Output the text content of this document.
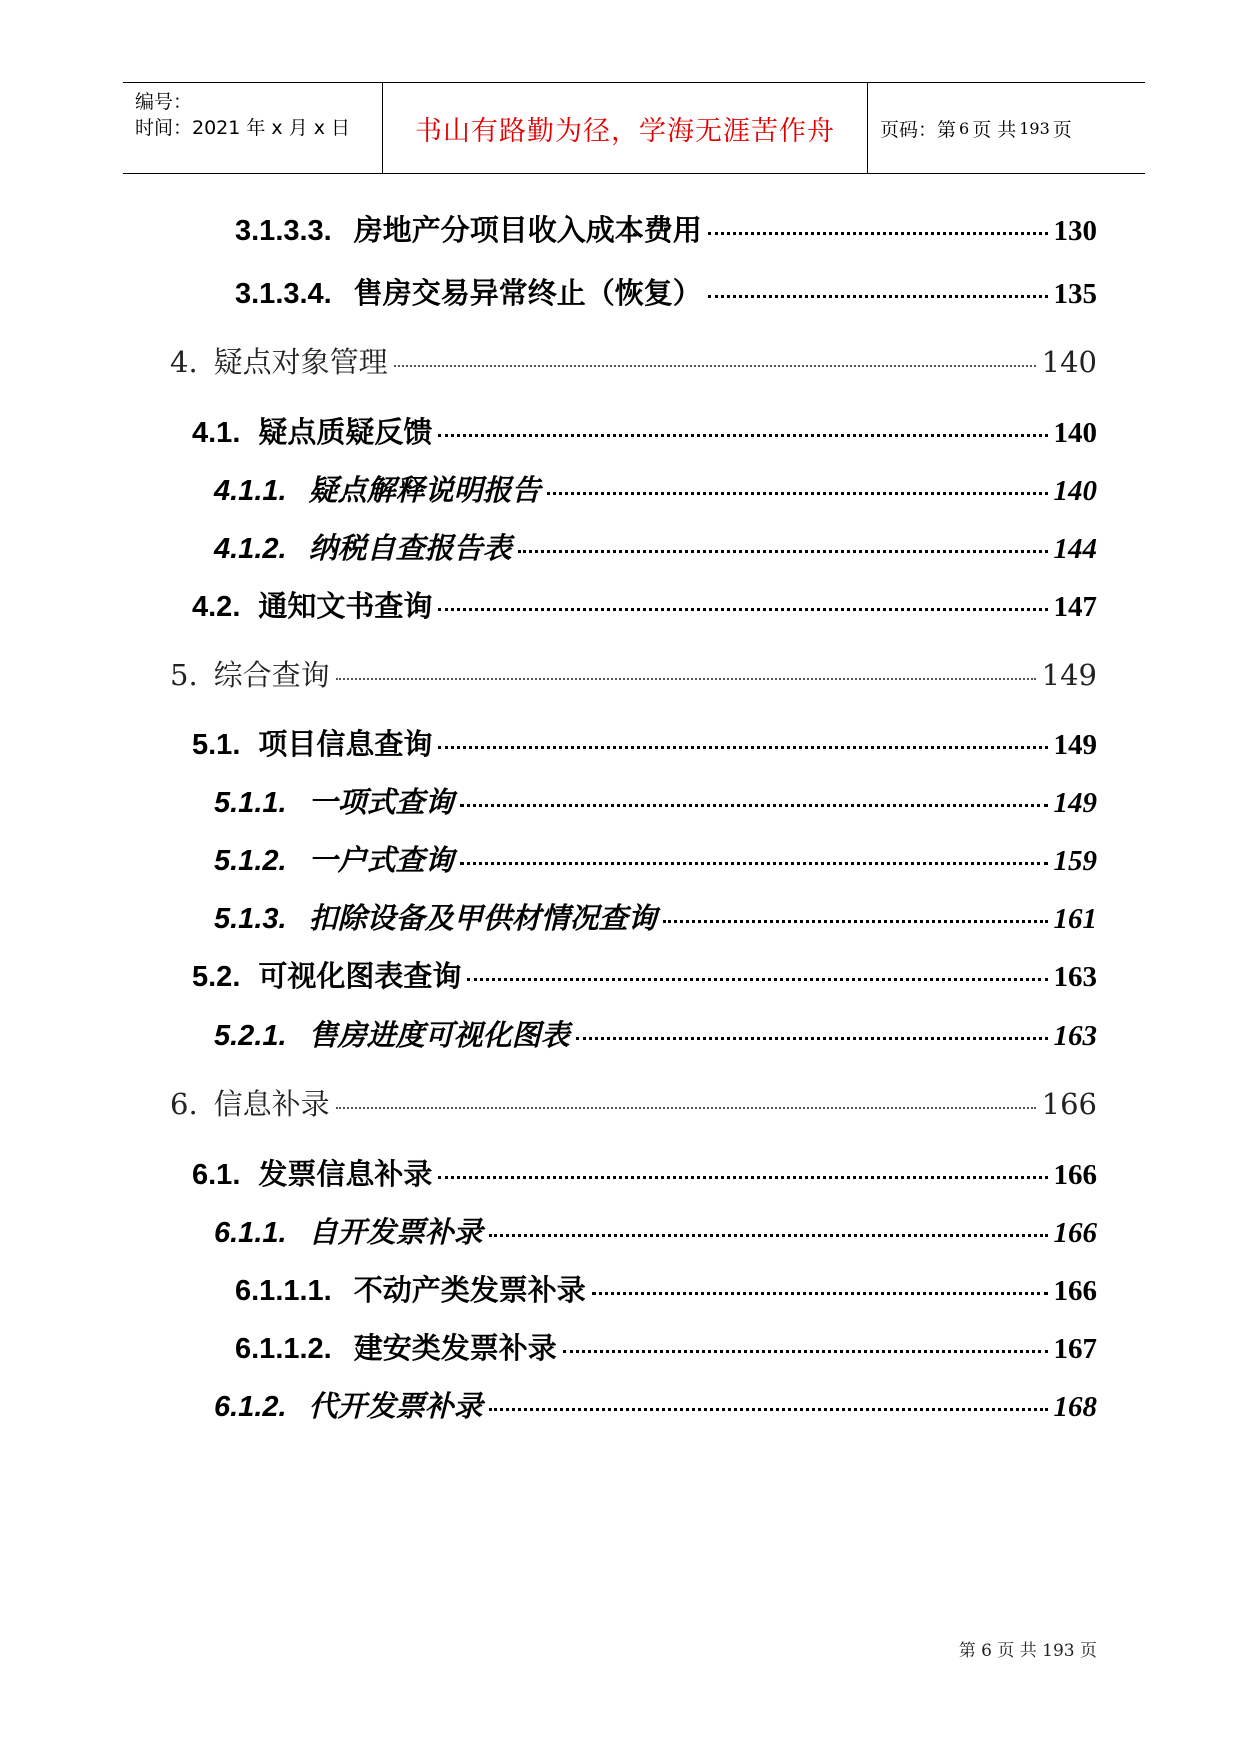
编号：
时间：2021 年 x 月 x 日	书山有路勤为径，学海无涯苦作舟	页码：第 6 页 共 193 页
3.1.3.3. 房地产分项目收入成本费用	130
3.1.3.4. 售房交易异常终止（恢复）	135
4. 疑点对象管理	140
4.1. 疑点质疑反馈	140
4.1.1. 疑点解释说明报告	140
4.1.2. 纳税自查报告表	144
4.2. 通知文书查询	147
5. 综合查询	149
5.1. 项目信息查询	149
5.1.1. 一项式查询	149
5.1.2. 一户式查询	159
5.1.3. 扣除设备及甲供材情况查询	161
5.2. 可视化图表查询	163
5.2.1. 售房进度可视化图表	163
6. 信息补录	166
6.1. 发票信息补录	166
6.1.1. 自开发票补录	166
6.1.1.1. 不动产类发票补录	166
6.1.1.2. 建安类发票补录	167
6.1.2. 代开发票补录	168
第 6 页 共 193 页
